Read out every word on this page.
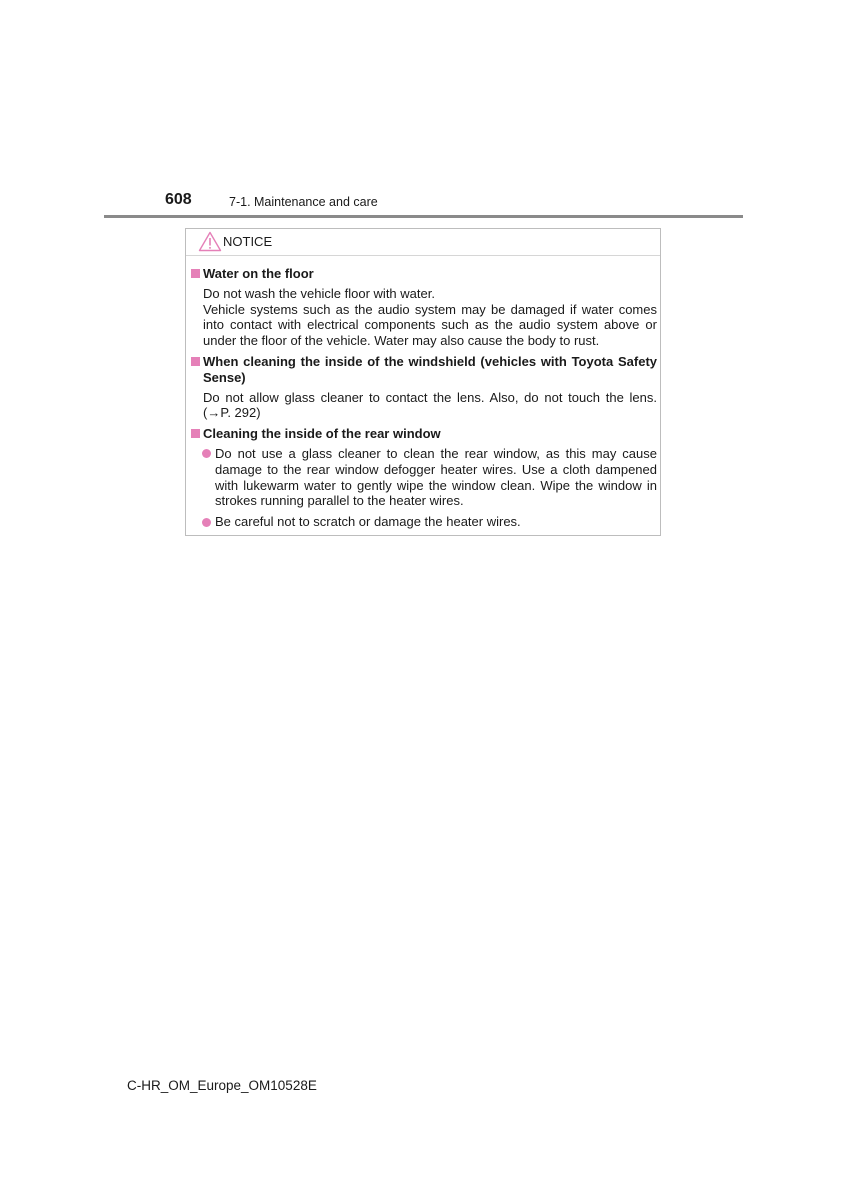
608	7-1. Maintenance and care
NOTICE
Water on the floor
Do not wash the vehicle floor with water.
Vehicle systems such as the audio system may be damaged if water comes into contact with electrical components such as the audio system above or under the floor of the vehicle. Water may also cause the body to rust.
When cleaning the inside of the windshield (vehicles with Toyota Safety Sense)
Do not allow glass cleaner to contact the lens. Also, do not touch the lens. (→P. 292)
Cleaning the inside of the rear window
Do not use a glass cleaner to clean the rear window, as this may cause damage to the rear window defogger heater wires. Use a cloth dampened with lukewarm water to gently wipe the window clean. Wipe the window in strokes running parallel to the heater wires.
Be careful not to scratch or damage the heater wires.
C-HR_OM_Europe_OM10528E
